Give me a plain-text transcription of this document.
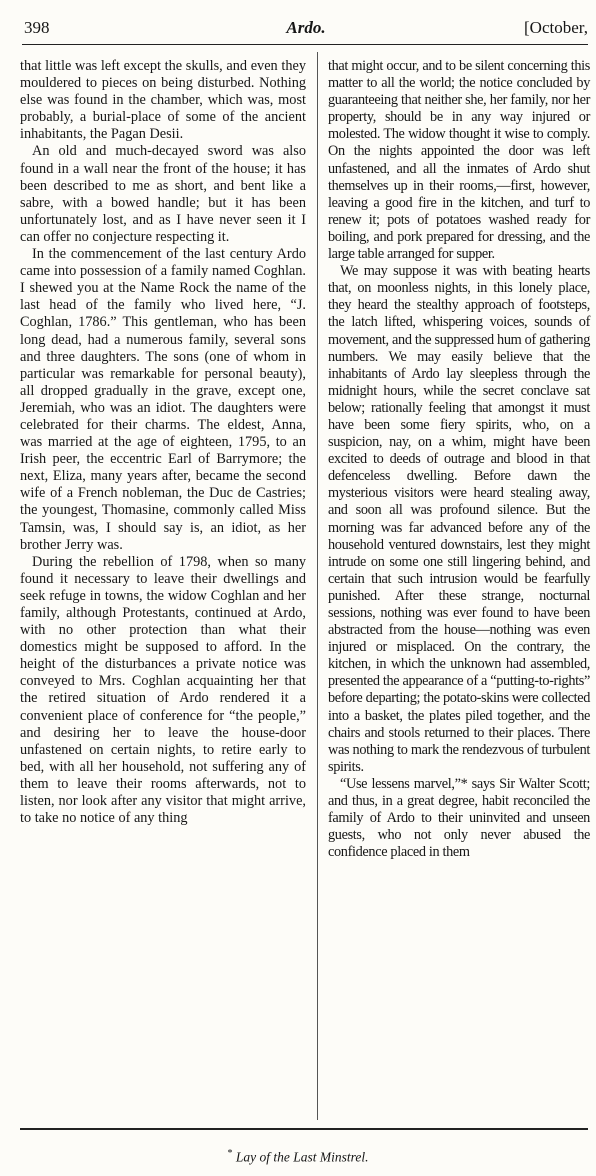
398	Ardo.	[October,

that little was left except the skulls, and even they mouldered to pieces on being disturbed. Nothing else was found in the chamber, which was, most probably, a burial-place of some of the ancient inhabitants, the Pagan Desii.

An old and much-decayed sword was also found in a wall near the front of the house; it has been described to me as short, and bent like a sabre, with a bowed handle; but it has been unfortunately lost, and as I have never seen it I can offer no conjecture respecting it.

In the commencement of the last century Ardo came into possession of a family named Coghlan. I shewed you at the Name Rock the name of the last head of the family who lived here, “J. Coghlan, 1786.” This gentleman, who has been long dead, had a numerous family, several sons and three daughters. The sons (one of whom in particular was remarkable for personal beauty), all dropped gradually in the grave, except one, Jeremiah, who was an idiot. The daughters were celebrated for their charms. The eldest, Anna, was married at the age of eighteen, 1795, to an Irish peer, the eccentric Earl of Barrymore; the next, Eliza, many years after, became the second wife of a French nobleman, the Duc de Castries; the youngest, Thomasine, commonly called Miss Tamsin, was, I should say is, an idiot, as her brother Jerry was.

During the rebellion of 1798, when so many found it necessary to leave their dwellings and seek refuge in towns, the widow Coghlan and her family, although Protestants, continued at Ardo, with no other protection than what their domestics might be supposed to afford. In the height of the disturbances a private notice was conveyed to Mrs. Coghlan acquainting her that the retired situation of Ardo rendered it a convenient place of conference for “the people,” and desiring her to leave the house-door unfastened on certain nights, to retire early to bed, with all her household, not suffering any of them to leave their rooms afterwards, not to listen, nor look after any visitor that might arrive, to take no notice of any thing

that might occur, and to be silent concerning this matter to all the world; the notice concluded by guaranteeing that neither she, her family, nor her property, should be in any way injured or molested. The widow thought it wise to comply. On the nights appointed the door was left unfastened, and all the inmates of Ardo shut themselves up in their rooms,—first, however, leaving a good fire in the kitchen, and turf to renew it; pots of potatoes washed ready for boiling, and pork prepared for dressing, and the large table arranged for supper.

We may suppose it was with beating hearts that, on moonless nights, in this lonely place, they heard the stealthy approach of footsteps, the latch lifted, whispering voices, sounds of movement, and the suppressed hum of gathering numbers. We may easily believe that the inhabitants of Ardo lay sleepless through the midnight hours, while the secret conclave sat below; rationally feeling that amongst it must have been some fiery spirits, who, on a suspicion, nay, on a whim, might have been excited to deeds of outrage and blood in that defenceless dwelling. Before dawn the mysterious visitors were heard stealing away, and soon all was profound silence. But the morning was far advanced before any of the household ventured downstairs, lest they might intrude on some one still lingering behind, and certain that such intrusion would be fearfully punished. After these strange, nocturnal sessions, nothing was ever found to have been abstracted from the house—nothing was even injured or misplaced. On the contrary, the kitchen, in which the unknown had assembled, presented the appearance of a “putting-to-rights” before departing; the potato-skins were collected into a basket, the plates piled together, and the chairs and stools returned to their places. There was nothing to mark the rendezvous of turbulent spirits.

“Use lessens marvel,”* says Sir Walter Scott; and thus, in a great degree, habit reconciled the family of Ardo to their uninvited and unseen guests, who not only never abused the confidence placed in them

* Lay of the Last Minstrel.
